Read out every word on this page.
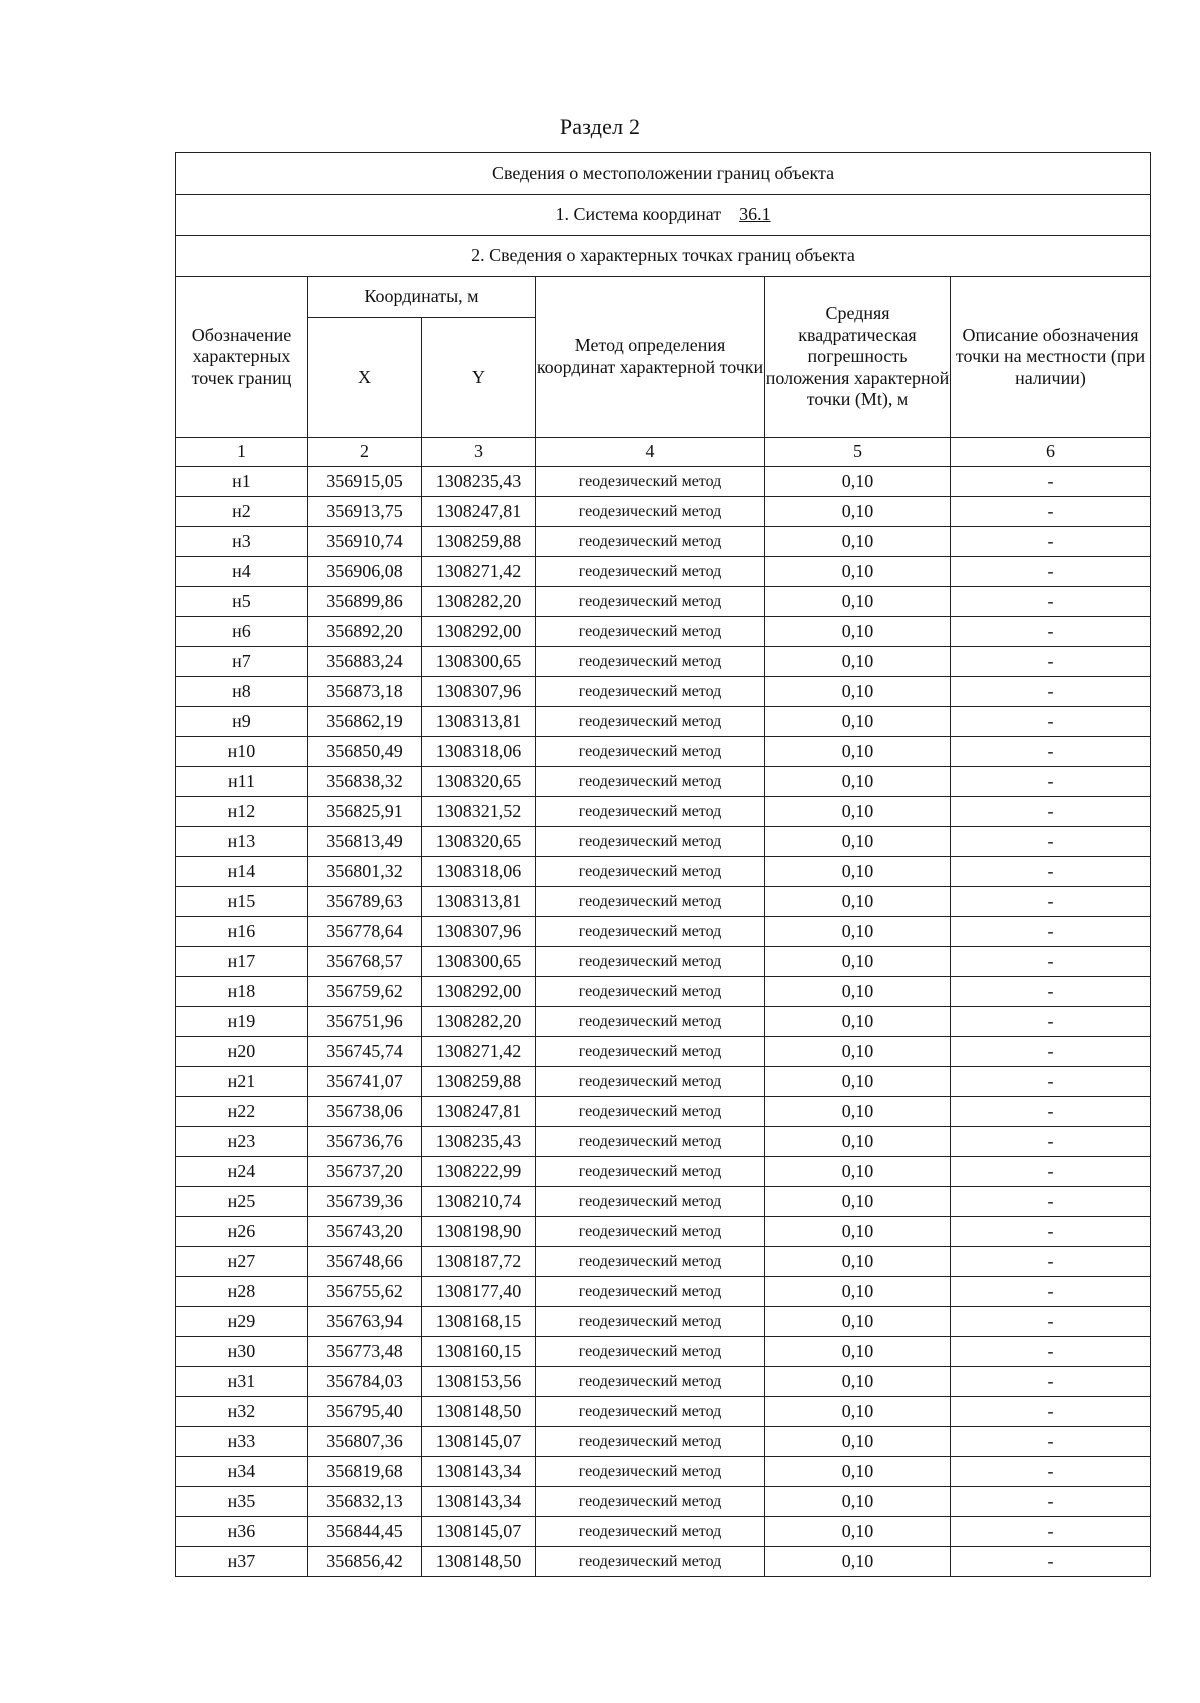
Раздел 2
Сведения о местоположении границ объекта					
1. Система координат 36.1					
2. Сведения о характерных точках границ объекта					
Обозначение характерных точек границ	Координаты, м		Метод определения координат характерной точки	Средняя квадратическая погрешность положения характерной точки (Mt), м	Описание обозначения точки на местности (при наличии)
	X	Y			
1	2	3	4	5	6
н1	356915,05	1308235,43	геодезический метод	0,10	-
н2	356913,75	1308247,81	геодезический метод	0,10	-
н3	356910,74	1308259,88	геодезический метод	0,10	-
н4	356906,08	1308271,42	геодезический метод	0,10	-
н5	356899,86	1308282,20	геодезический метод	0,10	-
н6	356892,20	1308292,00	геодезический метод	0,10	-
н7	356883,24	1308300,65	геодезический метод	0,10	-
н8	356873,18	1308307,96	геодезический метод	0,10	-
н9	356862,19	1308313,81	геодезический метод	0,10	-
н10	356850,49	1308318,06	геодезический метод	0,10	-
н11	356838,32	1308320,65	геодезический метод	0,10	-
н12	356825,91	1308321,52	геодезический метод	0,10	-
н13	356813,49	1308320,65	геодезический метод	0,10	-
н14	356801,32	1308318,06	геодезический метод	0,10	-
н15	356789,63	1308313,81	геодезический метод	0,10	-
н16	356778,64	1308307,96	геодезический метод	0,10	-
н17	356768,57	1308300,65	геодезический метод	0,10	-
н18	356759,62	1308292,00	геодезический метод	0,10	-
н19	356751,96	1308282,20	геодезический метод	0,10	-
н20	356745,74	1308271,42	геодезический метод	0,10	-
н21	356741,07	1308259,88	геодезический метод	0,10	-
н22	356738,06	1308247,81	геодезический метод	0,10	-
н23	356736,76	1308235,43	геодезический метод	0,10	-
н24	356737,20	1308222,99	геодезический метод	0,10	-
н25	356739,36	1308210,74	геодезический метод	0,10	-
н26	356743,20	1308198,90	геодезический метод	0,10	-
н27	356748,66	1308187,72	геодезический метод	0,10	-
н28	356755,62	1308177,40	геодезический метод	0,10	-
н29	356763,94	1308168,15	геодезический метод	0,10	-
н30	356773,48	1308160,15	геодезический метод	0,10	-
н31	356784,03	1308153,56	геодезический метод	0,10	-
н32	356795,40	1308148,50	геодезический метод	0,10	-
н33	356807,36	1308145,07	геодезический метод	0,10	-
н34	356819,68	1308143,34	геодезический метод	0,10	-
н35	356832,13	1308143,34	геодезический метод	0,10	-
н36	356844,45	1308145,07	геодезический метод	0,10	-
н37	356856,42	1308148,50	геодезический метод	0,10	-
